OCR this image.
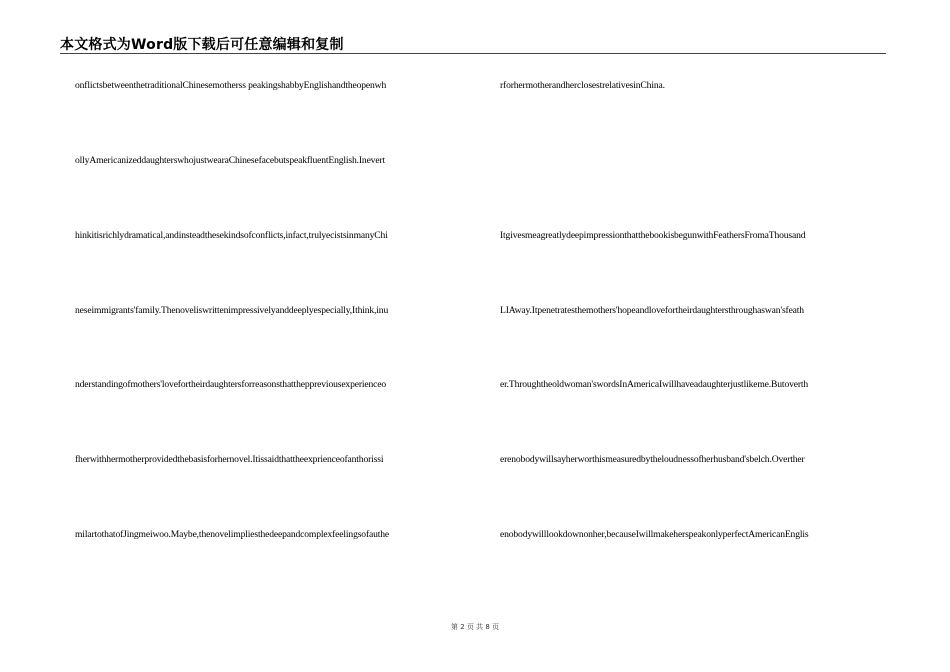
本文格式为Word版下载后可任意编辑和复制
onflictsbetweenthetraditionalChinesemotherss peakingshabbyEnglishandtheopenwh
ollyAmericanizeddaughterswhojustwearaChinesefacebutspeakfluentEnglish.Inevert
hinkitisrichlydramatical,andinsteadthesekindsofconflicts,infact,trulyecistsinmanyChi
neseimmigrants'family.Thenoveliswrittenimpressivelyanddeeplyespecially,Ithink,inu
nderstandingofmothers'lovefortheirdaughtersforreasonsthattheppreviousexperienceo
fherwithhermotherprovidedthebasisforhernovel.Itissaidthattheexprienceofanthorissi
milartothatofJingmeiwoo.Maybe,thenovelimpliesthedeepandcomplexfeelingsofauthe
rforhermotherandherclosestrelativesinChina.
ItgivesmeagreatlydeepimpressionthatthebookisbegunwithFeathersFromaThousand
LIAway.Itpenetratesthemothers'hopeandlovefortheirdaughtersthroughaswan'sfeath
er.Throughtheoldwoman'swordsInAmericaIwillhaveadaughterjustlikeme.Butoverth
erenobodywillsayherworthismeasuredbytheloudnessofherhusband'sbelch.Overther
enobodywilllookdownonher,becauseIwillmakeherspeakonlyperfectAmericanEnglis
第 2 页 共 8 页
